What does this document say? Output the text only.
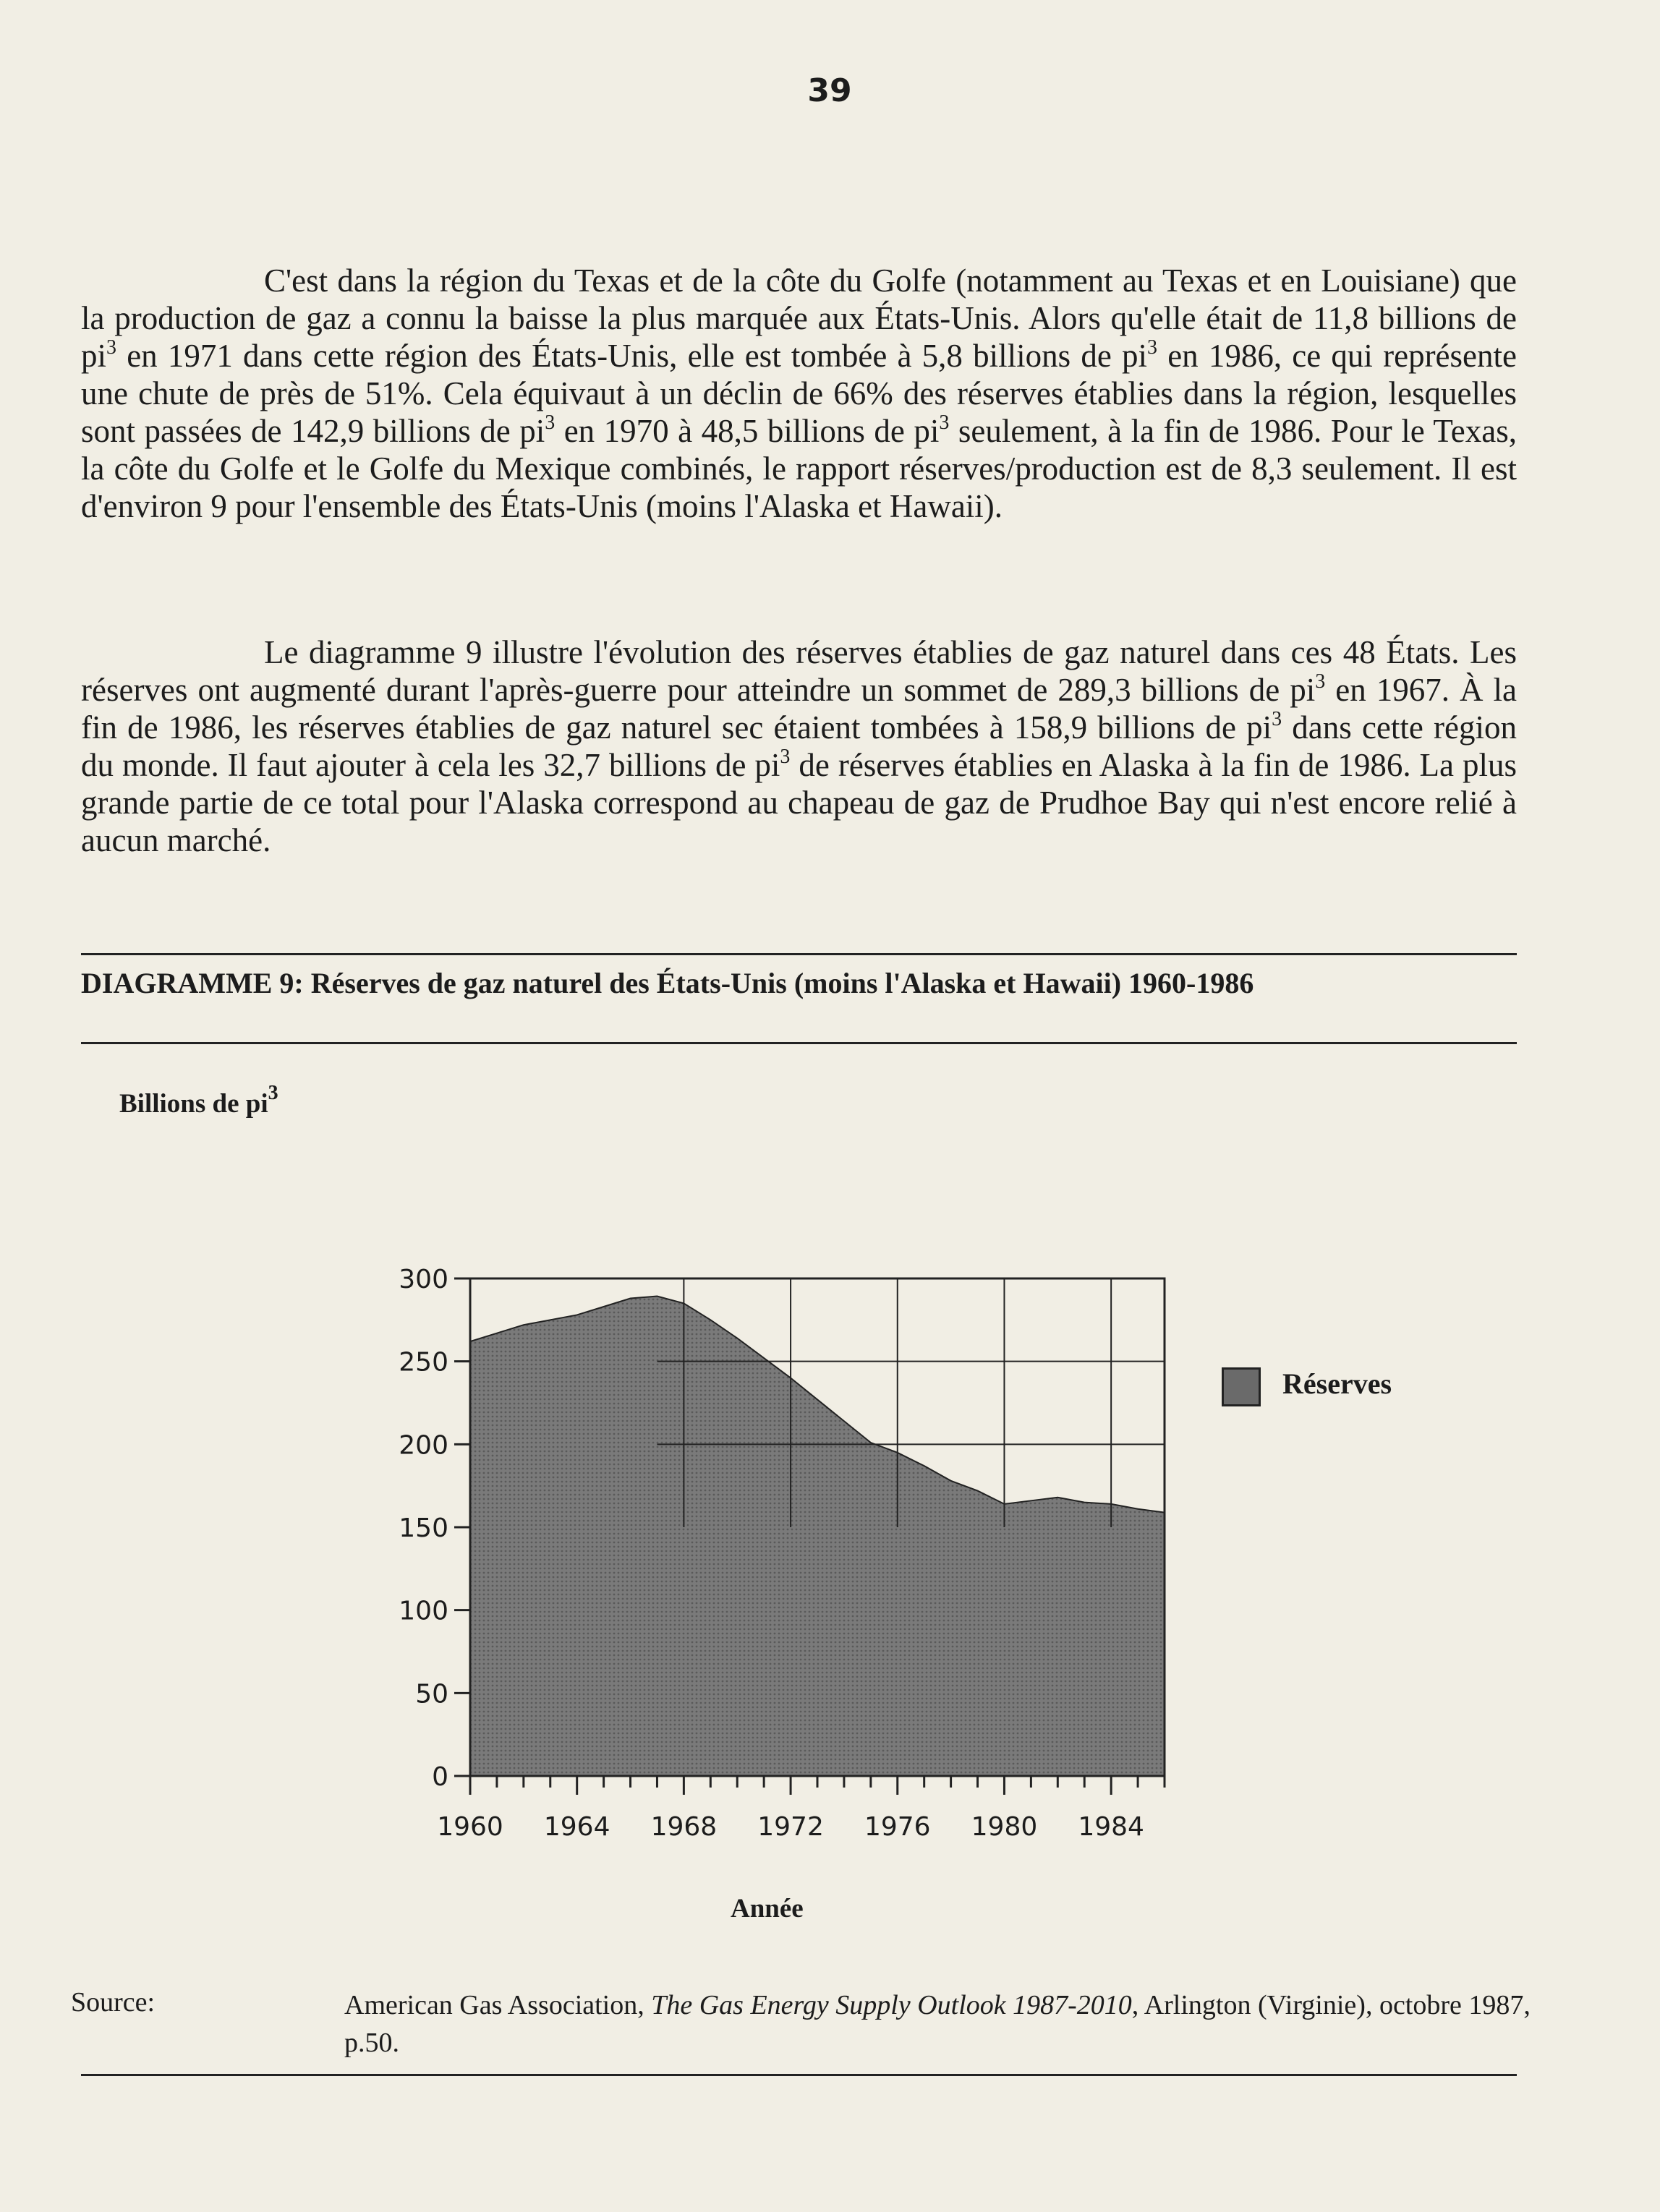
39

C'est dans la région du Texas et de la côte du Golfe (notamment au Texas et en Louisiane) que la production de gaz a connu la baisse la plus marquée aux États-Unis. Alors qu'elle était de 11,8 billions de $pi^3$ en 1971 dans cette région des États-Unis, elle est tombée à 5,8 billions de $pi^3$ en 1986, ce qui représente une chute de près de 51%. Cela équivaut à un déclin de 66% des réserves établies dans la région, lesquelles sont passées de 142,9 billions de $pi^3$ en 1970 à 48,5 billions de $pi^3$ seulement, à la fin de 1986. Pour le Texas, la côte du Golfe et le Golfe du Mexique combinés, le rapport réserves/production est de 8,3 seulement. Il est d'environ 9 pour l'ensemble des États-Unis (moins l'Alaska et Hawaii).

Le diagramme 9 illustre l'évolution des réserves établies de gaz naturel dans ces 48 États. Les réserves ont augmenté durant l'après-guerre pour atteindre un sommet de 289,3 billions de $pi^3$ en 1967. À la fin de 1986, les réserves établies de gaz naturel sec étaient tombées à 158,9 billions de $pi^3$ dans cette région du monde. Il faut ajouter à cela les 32,7 billions de $pi^3$ de réserves établies en Alaska à la fin de 1986. La plus grande partie de ce total pour l'Alaska correspond au chapeau de gaz de Prudhoe Bay qui n'est encore relié à aucun marché.

DIAGRAMME 9: Réserves de gaz naturel des États-Unis (moins l'Alaska et Hawaii) 1960-1986
Billions de $pi^3$
0
50
100
150
200
250
300
1960 1964 1968 1972 1976 1980 1984
Réserves
Année
Source:	American Gas Association, The Gas Energy Supply Outlook 1987-2010, Arlington (Virginie), octobre 1987, p.50.
